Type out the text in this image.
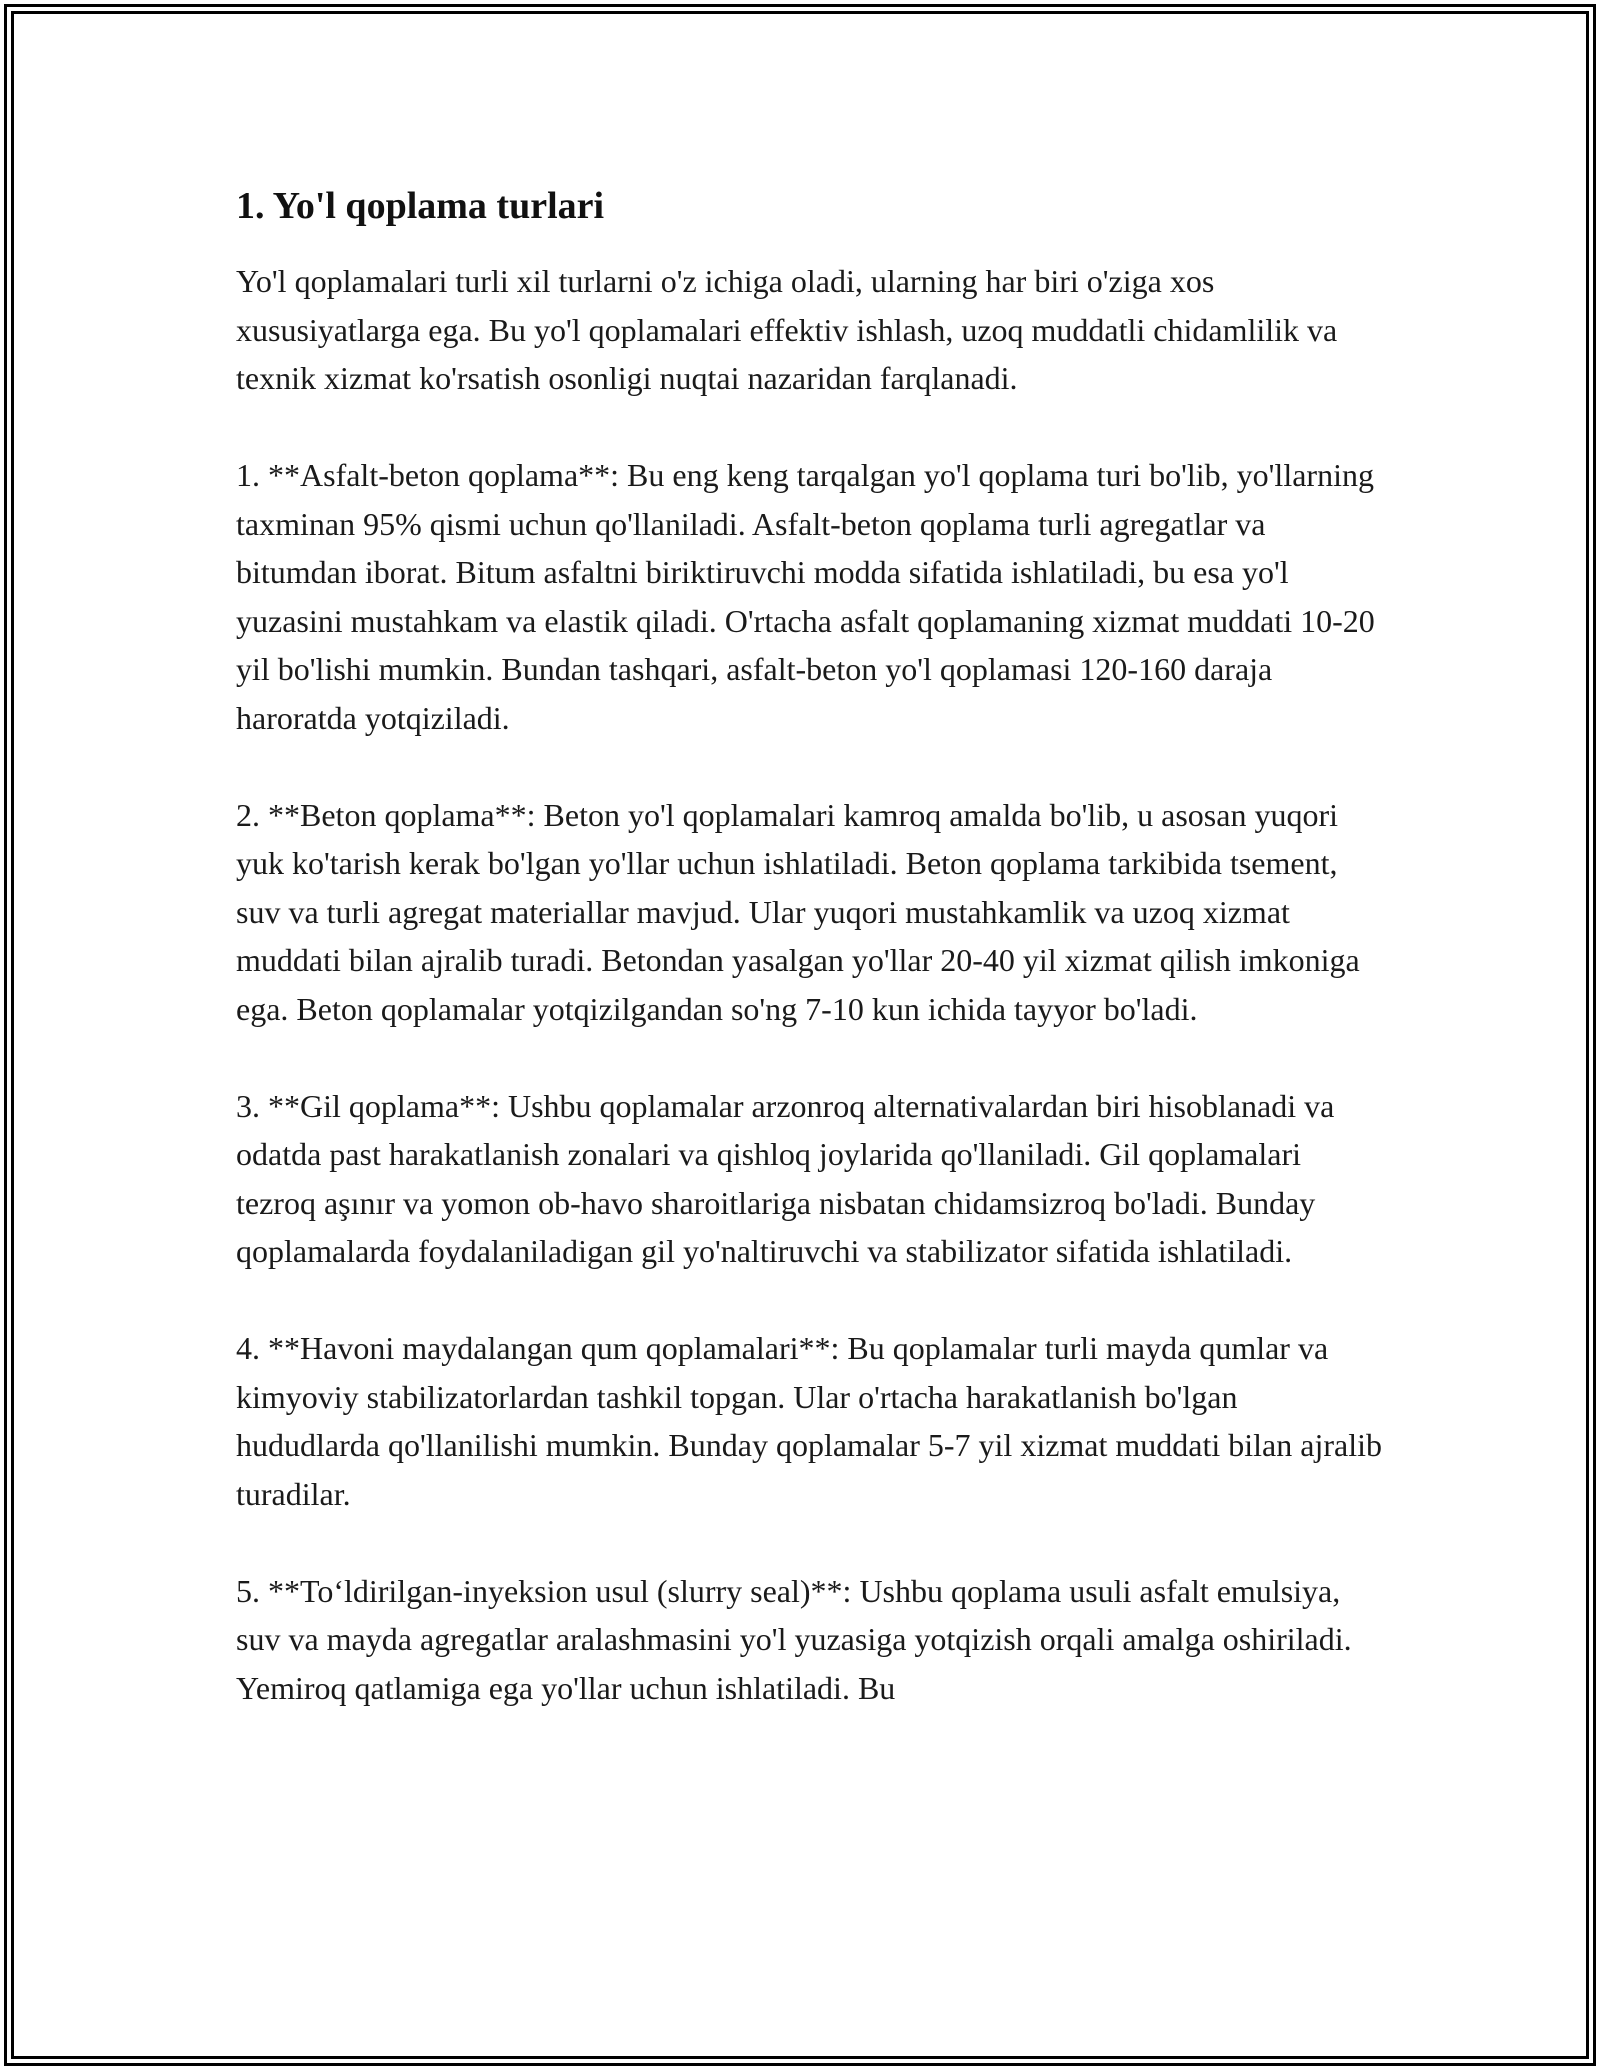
1. Yo'l qoplama turlari

Yo'l qoplamalari turli xil turlarni o'z ichiga oladi, ularning har biri o'ziga xos xususiyatlarga ega. Bu yo'l qoplamalari effektiv ishlash, uzoq muddatli chidamlilik va texnik xizmat ko'rsatish osonligi nuqtai nazaridan farqlanadi.

1. **Asfalt-beton qoplama**: Bu eng keng tarqalgan yo'l qoplama turi bo'lib, yo'llarning taxminan 95% qismi uchun qo'llaniladi. Asfalt-beton qoplama turli agregatlar va bitumdan iborat. Bitum asfaltni biriktiruvchi modda sifatida ishlatiladi, bu esa yo'l yuzasini mustahkam va elastik qiladi. O'rtacha asfalt qoplamaning xizmat muddati 10-20 yil bo'lishi mumkin. Bundan tashqari, asfalt-beton yo'l qoplamasi 120-160 daraja haroratda yotqiziladi.

2. **Beton qoplama**: Beton yo'l qoplamalari kamroq amalda bo'lib, u asosan yuqori yuk ko'tarish kerak bo'lgan yo'llar uchun ishlatiladi. Beton qoplama tarkibida tsement, suv va turli agregat materiallar mavjud. Ular yuqori mustahkamlik va uzoq xizmat muddati bilan ajralib turadi. Betondan yasalgan yo'llar 20-40 yil xizmat qilish imkoniga ega. Beton qoplamalar yotqizilgandan so'ng 7-10 kun ichida tayyor bo'ladi.

3. **Gil qoplama**: Ushbu qoplamalar arzonroq alternativalardan biri hisoblanadi va odatda past harakatlanish zonalari va qishloq joylarida qo'llaniladi. Gil qoplamalari tezroq aşınır va yomon ob-havo sharoitlariga nisbatan chidamsizroq bo'ladi. Bunday qoplamalarda foydalaniladigan gil yo'naltiruvchi va stabilizator sifatida ishlatiladi.

4. **Havoni maydalangan qum qoplamalari**: Bu qoplamalar turli mayda qumlar va kimyoviy stabilizatorlardan tashkil topgan. Ular o'rtacha harakatlanish bo'lgan hududlarda qo'llanilishi mumkin. Bunday qoplamalar 5-7 yil xizmat muddati bilan ajralib turadilar.

5. **To‘ldirilgan-inyeksion usul (slurry seal)**: Ushbu qoplama usuli asfalt emulsiya, suv va mayda agregatlar aralashmasini yo'l yuzasiga yotqizish orqali amalga oshiriladi. Yemiroq qatlamiga ega yo'llar uchun ishlatiladi. Bu
